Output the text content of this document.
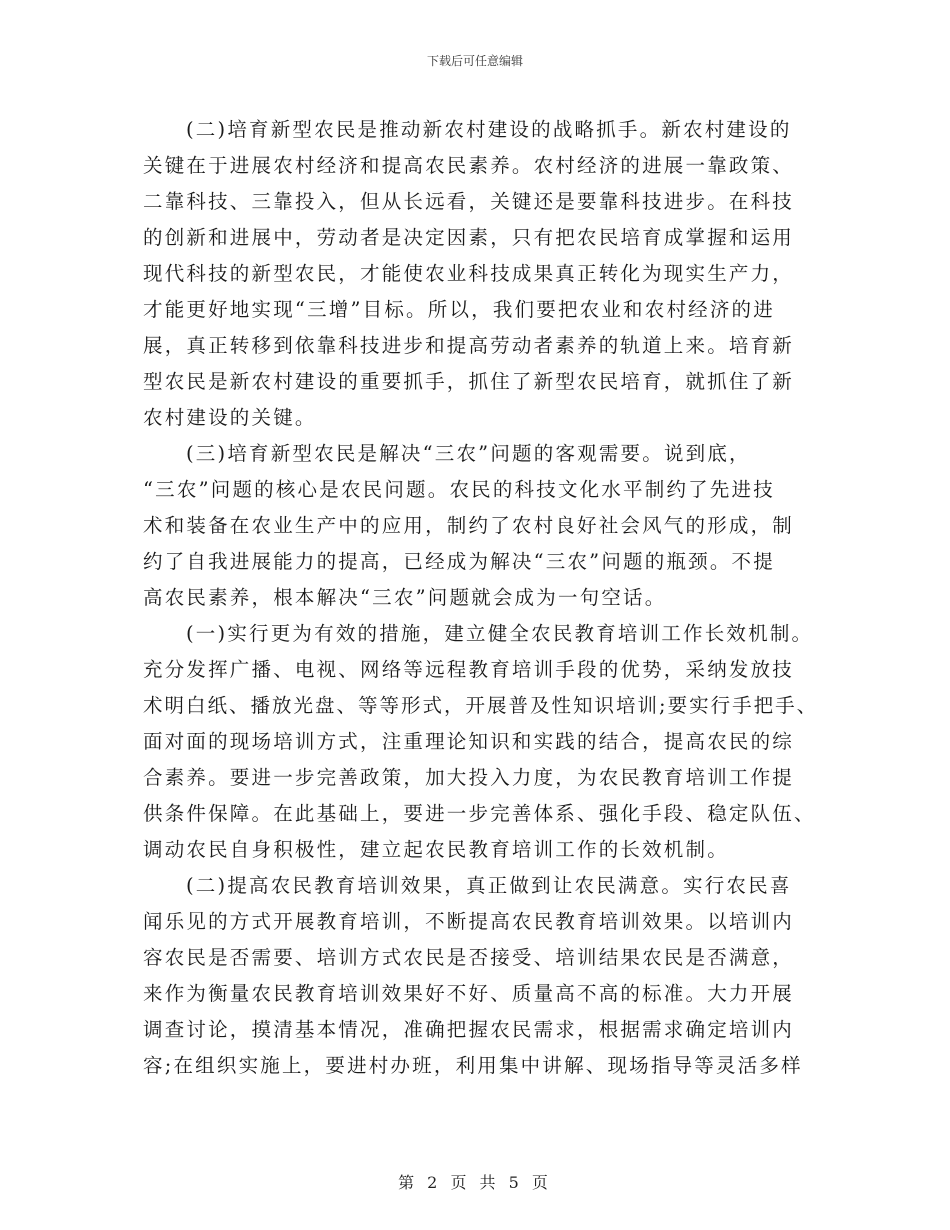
下载后可任意编辑
(二)培育新型农民是推动新农村建设的战略抓手。新农村建设的
关键在于进展农村经济和提高农民素养。农村经济的进展一靠政策、
二靠科技、三靠投入，但从长远看，关键还是要靠科技进步。在科技
的创新和进展中，劳动者是决定因素，只有把农民培育成掌握和运用
现代科技的新型农民，才能使农业科技成果真正转化为现实生产力，
才能更好地实现“三增”目标。所以，我们要把农业和农村经济的进
展，真正转移到依靠科技进步和提高劳动者素养的轨道上来。培育新
型农民是新农村建设的重要抓手，抓住了新型农民培育，就抓住了新
农村建设的关键。
(三)培育新型农民是解决“三农”问题的客观需要。说到底，
“三农”问题的核心是农民问题。农民的科技文化水平制约了先进技
术和装备在农业生产中的应用，制约了农村良好社会风气的形成，制
约了自我进展能力的提高，已经成为解决“三农”问题的瓶颈。不提
高农民素养，根本解决“三农”问题就会成为一句空话。
(一)实行更为有效的措施，建立健全农民教育培训工作长效机制。
充分发挥广播、电视、网络等远程教育培训手段的优势，采纳发放技
术明白纸、播放光盘、等等形式，开展普及性知识培训;要实行手把手、
面对面的现场培训方式，注重理论知识和实践的结合，提高农民的综
合素养。要进一步完善政策，加大投入力度，为农民教育培训工作提
供条件保障。在此基础上，要进一步完善体系、强化手段、稳定队伍、
调动农民自身积极性，建立起农民教育培训工作的长效机制。
(二)提高农民教育培训效果，真正做到让农民满意。实行农民喜
闻乐见的方式开展教育培训，不断提高农民教育培训效果。以培训内
容农民是否需要、培训方式农民是否接受、培训结果农民是否满意，
来作为衡量农民教育培训效果好不好、质量高不高的标准。大力开展
调查讨论，摸清基本情况，准确把握农民需求，根据需求确定培训内
容;在组织实施上，要进村办班，利用集中讲解、现场指导等灵活多样
第 2 页 共 5 页
